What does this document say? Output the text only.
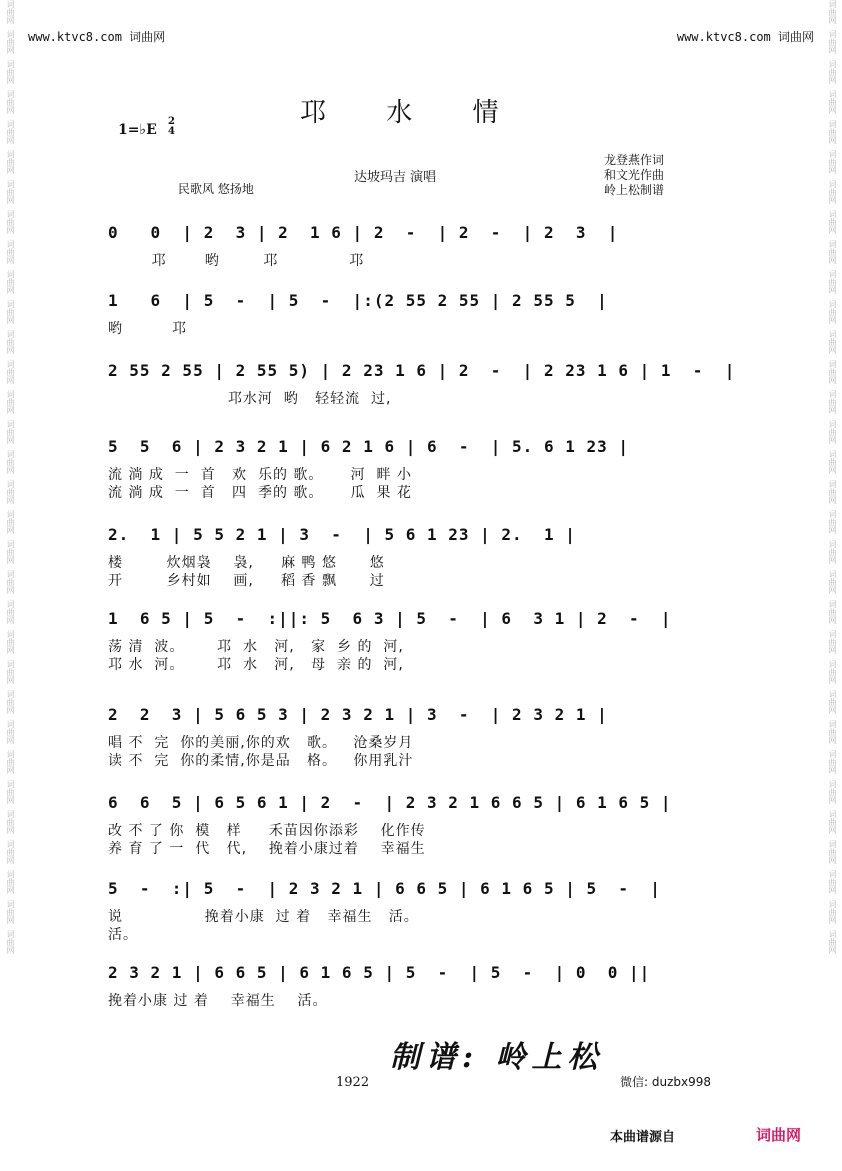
词曲网
词曲网
词曲网
词曲网
词曲网
词曲网
词曲网
词曲网
词曲网
词曲网
词曲网
词曲网
词曲网
词曲网
词曲网
词曲网
词曲网
词曲网
词曲网
词曲网
词曲网
词曲网
词曲网
词曲网
词曲网
词曲网
词曲网
词曲网
词曲网
词曲网
词曲网
词曲网
词曲网
词曲网
词曲网
词曲网
词曲网
词曲网
词曲网
词曲网
词曲网
词曲网
词曲网
词曲网
词曲网
词曲网
词曲网
词曲网
词曲网
词曲网
词曲网
词曲网
词曲网
词曲网
词曲网
词曲网
词曲网
词曲网
词曲网
词曲网
词曲网
词曲网
词曲网
词曲网
www.ktvc8.com 词曲网	www.ktvc8.com 词曲网
邛 水 情
1=♭E
2
4
民歌风 悠扬地
达坡玛吉 演唱
龙登燕作词
和文光作曲
岭上松制谱
0   0  | 2  3 | 2  1 6 | 2  -  | 2  -  | 2  3  |
邛       哟        邛             邛
1   6  | 5  -  | 5  -  |:(2 55 2 55 | 2 55 5  |
哟         邛
2 55 2 55 | 2 55 5) | 2 23 1 6 | 2  -  | 2 23 1 6 | 1  -  |
邛水河  哟   轻轻流  过,
5  5  6 | 2 3 2 1 | 6 2 1 6 | 6  -  | 5. 6 1 23 |
流 淌 成  一  首   欢  乐的 歌。     河  畔 小
流 淌 成  一  首   四  季的 歌。     瓜  果 花
2.  1 | 5 5 2 1 | 3  -  | 5 6 1 23 | 2.  1 |
楼        炊烟袅    袅,     麻 鸭 悠      悠
开        乡村如    画,     稻 香 飘      过
1  6 5 | 5  -  :||: 5  6 3 | 5  -  | 6  3 1 | 2  -  |
荡 清  波。      邛  水   河,   家  乡 的  河,
邛 水  河。      邛  水   河,   母  亲 的  河,
2  2  3 | 5 6 5 3 | 2 3 2 1 | 3  -  | 2 3 2 1 |
唱 不  完  你的美丽,你的欢   歌。   沧桑岁月
读 不  完  你的柔情,你是品   格。   你用乳汁
6  6  5 | 6 5 6 1 | 2  -  | 2 3 2 1 6 6 5 | 6 1 6 5 |
改 不 了 你  模   样     禾苗因你添彩    化作传
养 育 了 一  代   代,    挽着小康过着    幸福生
5  -  :| 5  -  | 2 3 2 1 | 6 6 5 | 6 1 6 5 | 5  -  |
说               挽着小康  过 着   幸福生   活。
活。
2 3 2 1 | 6 6 5 | 6 1 6 5 | 5  -  | 5  -  | 0  0 ||
挽着小康 过 着    幸福生    活。
制谱: 岭上松
1922	微信: duzbx998
本曲谱源自	词曲网
